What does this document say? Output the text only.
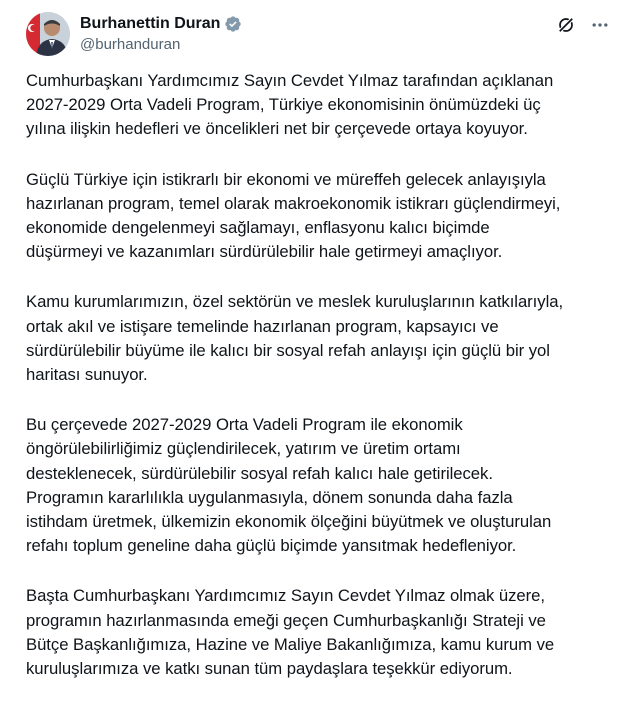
Burhanettin Duran
@burhanduran

Cumhurbaşkanı Yardımcımız Sayın Cevdet Yılmaz tarafından açıklanan
2027-2029 Orta Vadeli Program, Türkiye ekonomisinin önümüzdeki üç
yılına ilişkin hedefleri ve öncelikleri net bir çerçevede ortaya koyuyor.

Güçlü Türkiye için istikrarlı bir ekonomi ve müreffeh gelecek anlayışıyla
hazırlanan program, temel olarak makroekonomik istikrarı güçlendirmeyi,
ekonomide dengelenmeyi sağlamayı, enflasyonu kalıcı biçimde
düşürmeyi ve kazanımları sürdürülebilir hale getirmeyi amaçlıyor.

Kamu kurumlarımızın, özel sektörün ve meslek kuruluşlarının katkılarıyla,
ortak akıl ve istişare temelinde hazırlanan program, kapsayıcı ve
sürdürülebilir büyüme ile kalıcı bir sosyal refah anlayışı için güçlü bir yol
haritası sunuyor.

Bu çerçevede 2027-2029 Orta Vadeli Program ile ekonomik
öngörülebilirliğimiz güçlendirilecek, yatırım ve üretim ortamı
desteklenecek, sürdürülebilir sosyal refah kalıcı hale getirilecek.
Programın kararlılıkla uygulanmasıyla, dönem sonunda daha fazla
istihdam üretmek, ülkemizin ekonomik ölçeğini büyütmek ve oluşturulan
refahı toplum geneline daha güçlü biçimde yansıtmak hedefleniyor.

Başta Cumhurbaşkanı Yardımcımız Sayın Cevdet Yılmaz olmak üzere,
programın hazırlanmasında emeği geçen Cumhurbaşkanlığı Strateji ve
Bütçe Başkanlığımıza, Hazine ve Maliye Bakanlığımıza, kamu kurum ve
kuruluşlarımıza ve katkı sunan tüm paydaşlara teşekkür ediyorum.
